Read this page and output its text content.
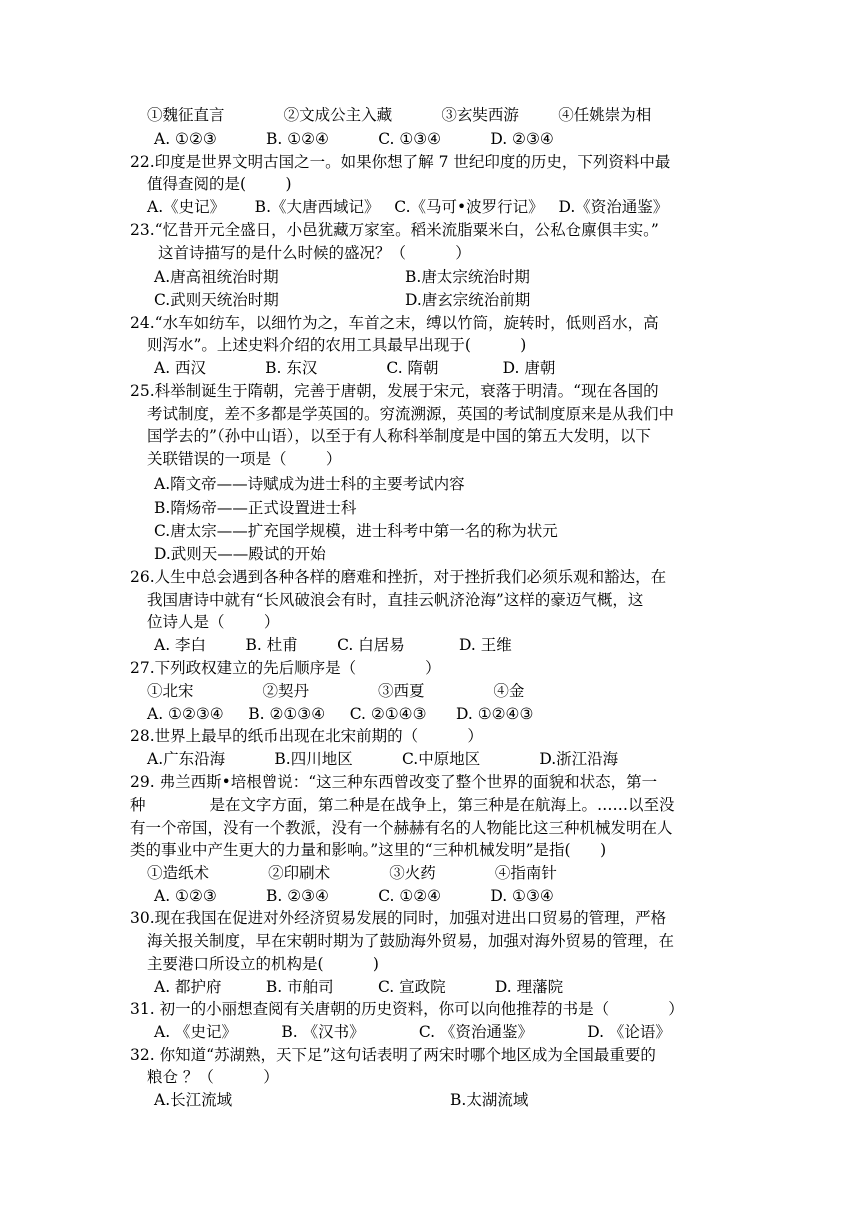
①魏征直言            ②文成公主入藏          ③玄奘西游        ④任姚崇为相
A. ①②③          B. ①②④          C. ①③④          D. ②③④
22.印度是世界文明古国之一。如果你想了解 7 世纪印度的历史，下列资料中最
值得查阅的是(        )
A.《史记》      B.《大唐西域记》   C.《马可•波罗行记》   D.《资治通鉴》
23.“忆昔开元全盛日，小邑犹藏万家室。稻米流脂粟米白，公私仓廪俱丰实。”
这首诗描写的是什么时候的盛况？（          ）
A.唐高祖统治时期	B.唐太宗统治时期
C.武则天统治时期	D.唐玄宗统治前期
24.“水车如纺车，以细竹为之，车首之末，缚以竹筒，旋转时，低则舀水，高
则泻水”。上述史料介绍的农用工具最早出现于(          )
A. 西汉            B. 东汉              C. 隋朝             D. 唐朝
25.科举制诞生于隋朝，完善于唐朝，发展于宋元，衰落于明清。“现在各国的
考试制度，差不多都是学英国的。穷流溯源，英国的考试制度原来是从我们中
国学去的”（孙中山语），以至于有人称科举制度是中国的第五大发明，以下
关联错误的一项是（        ）
A.隋文帝——诗赋成为进士科的主要考试内容
B.隋炀帝——正式设置进士科
C.唐太宗——扩充国学规模，进士科考中第一名的称为状元
D.武则天——殿试的开始
26.人生中总会遇到各种各样的磨难和挫折，对于挫折我们必须乐观和豁达，在
我国唐诗中就有“长风破浪会有时，直挂云帆济沧海”这样的豪迈气概，这
位诗人是（        ）
A. 李白        B. 杜甫        C. 白居易           D. 王维
27.下列政权建立的先后顺序是（              ）
①北宋              ②契丹              ③西夏              ④金
A. ①②③④     B. ②①③④     C. ②①④③      D. ①②④③
28.世界上最早的纸币出现在北宋前期的（          ）
A.广东沿海          B.四川地区          C.中原地区            D.浙江沿海
29. 弗兰西斯•培根曾说：“这三种东西曾改变了整个世界的面貌和状态，第一
种             是在文字方面，第二种是在战争上，第三种是在航海上。……以至没
有一个帝国，没有一个教派，没有一个赫赫有名的人物能比这三种机械发明在人
类的事业中产生更大的力量和影响。”这里的“三种机械发明”是指(      )
①造纸术            ②印刷术            ③火药            ④指南针
A. ①②③          B. ②③④          C. ①②④          D. ①③④
30.现在我国在促进对外经济贸易发展的同时，加强对进出口贸易的管理，严格
海关报关制度，早在宋朝时期为了鼓励海外贸易，加强对海外贸易的管理，在
主要港口所设立的机构是(          )
A. 都护府         B. 市舶司         C. 宣政院          D. 理藩院
31. 初一的小丽想查阅有关唐朝的历史资料，你可以向他推荐的书是（            ）
A. 《史记》         B. 《汉书》           C. 《资治通鉴》           D. 《论语》
32. 你知道“苏湖熟，天下足”这句话表明了两宋时哪个地区成为全国最重要的
粮仓 ？（          ）
A.长江流域	B.太湖流域
